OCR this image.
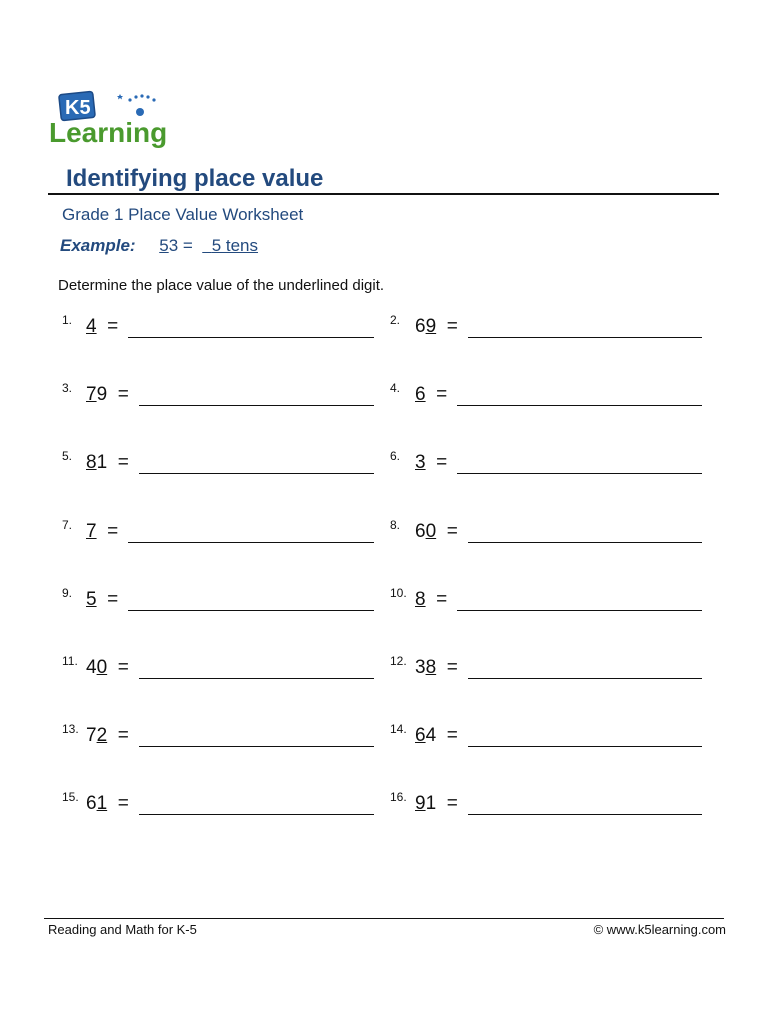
K5
Learning
Identifying place value
Grade 1 Place Value Worksheet
Example: 53 = 5 tens
Determine the place value of the underlined digit.
1. 4  =	2. 69  =
3. 79  =	4. 6  =
5. 81  =	6. 3  =
7. 7  =	8. 60  =
9. 5  =	10. 8  =
11. 40  =	12. 38  =
13. 72  =	14. 64  =
15. 61  =	16. 91  =
Reading and Math for K-5	© www.k5learning.com
